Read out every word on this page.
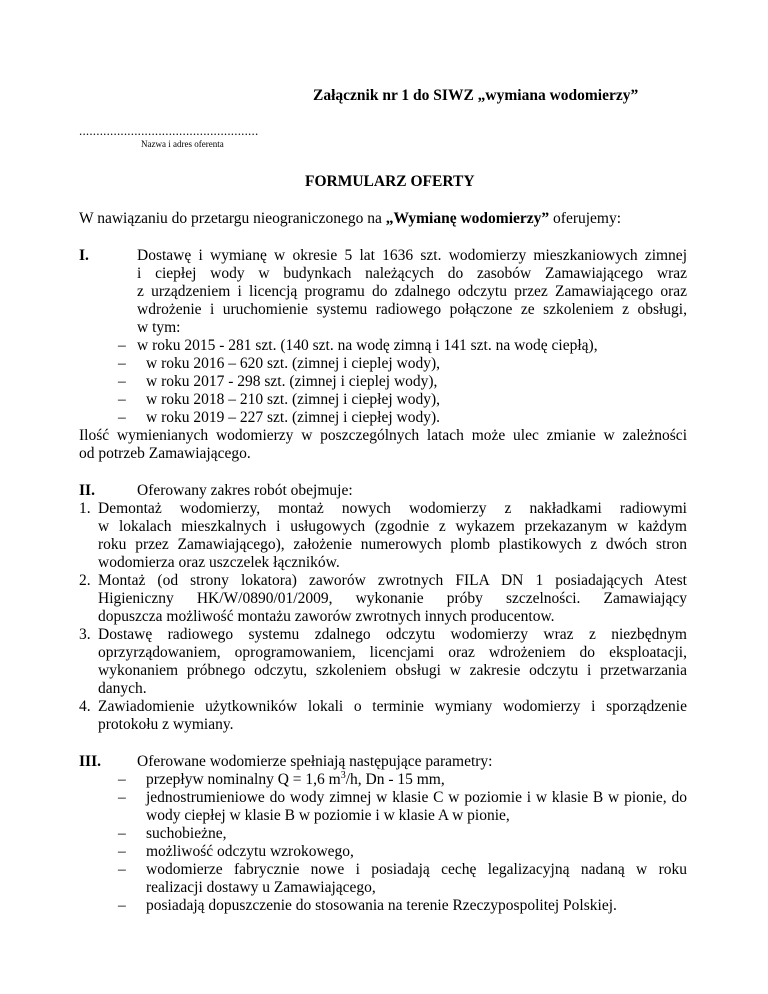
Załącznik nr 1 do SIWZ „wymiana wodomierzy”
....................................................
Nazwa i adres oferenta
FORMULARZ OFERTY
W nawiązaniu do przetargu nieograniczonego na „Wymianę wodomierzy” oferujemy:
I.	Dostawę i wymianę w okresie 5 lat 1636 szt. wodomierzy mieszkaniowych zimnej
i ciepłej wody w budynkach należących do zasobów Zamawiającego wraz
z urządzeniem i licencją programu do zdalnego odczytu przez Zamawiającego oraz
wdrożenie i uruchomienie systemu radiowego połączone ze szkoleniem z obsługi,
w tym:
– w roku 2015 - 281 szt. (140 szt. na wodę zimną i 141 szt. na wodę ciepłą),
– w roku 2016 – 620 szt. (zimnej i cieplej wody),
– w roku 2017 - 298 szt. (zimnej i cieplej wody),
– w roku 2018 – 210 szt. (zimnej i ciepłej wody),
– w roku 2019 – 227 szt. (zimnej i ciepłej wody).
Ilość wymienianych wodomierzy w poszczególnych latach może ulec zmianie w zależności
od potrzeb Zamawiającego.
II.	Oferowany zakres robót obejmuje:
1. Demontaż wodomierzy, montaż nowych wodomierzy z nakładkami radiowymi
w lokalach mieszkalnych i usługowych (zgodnie z wykazem przekazanym w każdym
roku przez Zamawiającego), założenie numerowych plomb plastikowych z dwóch stron
wodomierza oraz uszczelek łączników.
2. Montaż (od strony lokatora) zaworów zwrotnych FILA DN 1 posiadających Atest
Higieniczny HK/W/0890/01/2009, wykonanie próby szczelności. Zamawiający
dopuszcza możliwość montażu zaworów zwrotnych innych producentow.
3. Dostawę radiowego systemu zdalnego odczytu wodomierzy wraz z niezbędnym
oprzyrządowaniem, oprogramowaniem, licencjami oraz wdrożeniem do eksploatacji,
wykonaniem próbnego odczytu, szkoleniem obsługi w zakresie odczytu i przetwarzania
danych.
4. Zawiadomienie użytkowników lokali o terminie wymiany wodomierzy i sporządzenie
protokołu z wymiany.
III. Oferowane wodomierze spełniają następujące parametry:
– przepływ nominalny Q = 1,6 $m^3/h$, Dn - 15 mm,
– jednostrumieniowe do wody zimnej w klasie C w poziomie i w klasie B w pionie, do
wody ciepłej w klasie B w poziomie i w klasie A w pionie,
– suchobieżne,
– możliwość odczytu wzrokowego,
– wodomierze fabrycznie nowe i posiadają cechę legalizacyjną nadaną w roku
realizacji dostawy u Zamawiającego,
– posiadają dopuszczenie do stosowania na terenie Rzeczypospolitej Polskiej.
